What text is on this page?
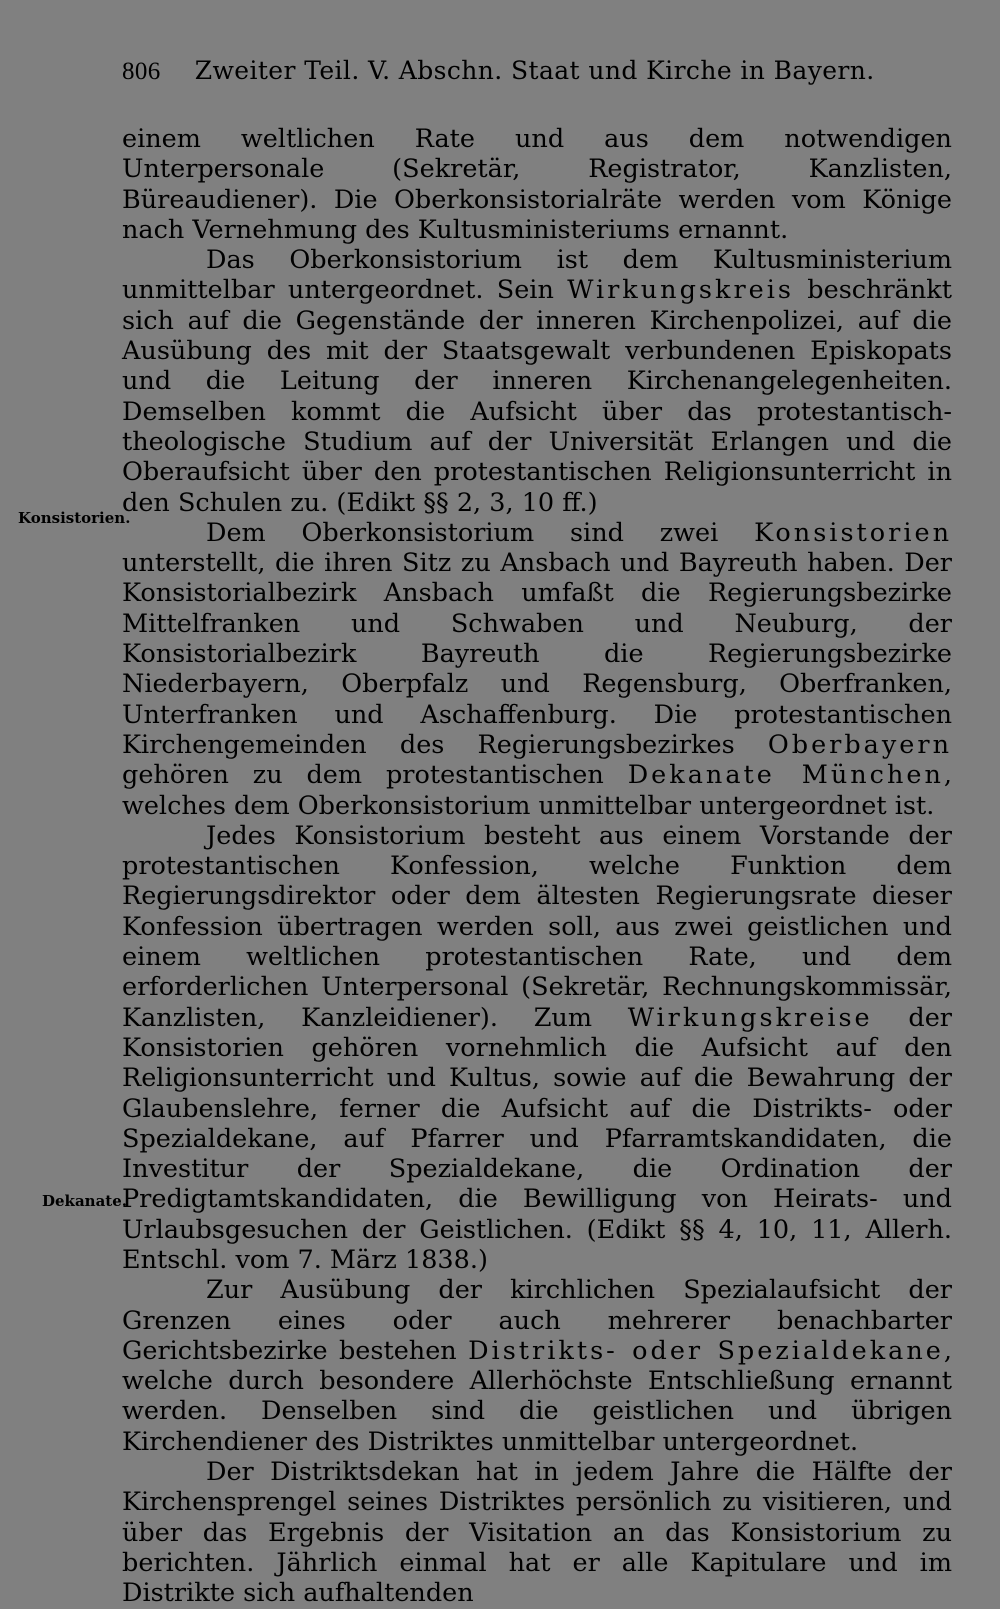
806 Zweiter Teil. V. Abschn. Staat und Kirche in Bayern.
Konsistorien.
Dekanate.

einem weltlichen Rate und aus dem notwendigen Unterpersonale (Sekretär, Registrator, Kanzlisten, Büreaudiener). Die Oberkonsistorialräte werden vom Könige nach Vernehmung des Kultusministeriums ernannt.

Das Oberkonsistorium ist dem Kultusministerium unmittelbar untergeordnet. Sein Wirkungskreis beschränkt sich auf die Gegenstände der inneren Kirchenpolizei, auf die Ausübung des mit der Staatsgewalt verbundenen Episkopats und die Leitung der inneren Kirchenangelegenheiten. Demselben kommt die Aufsicht über das protestantisch-theologische Studium auf der Universität Erlangen und die Oberaufsicht über den protestantischen Religionsunterricht in den Schulen zu. (Edikt §§ 2, 3, 10 ff.)

Dem Oberkonsistorium sind zwei Konsistorien unterstellt, die ihren Sitz zu Ansbach und Bayreuth haben. Der Konsistorialbezirk Ansbach umfaßt die Regierungsbezirke Mittelfranken und Schwaben und Neuburg, der Konsistorialbezirk Bayreuth die Regierungsbezirke Niederbayern, Oberpfalz und Regensburg, Oberfranken, Unterfranken und Aschaffenburg. Die protestantischen Kirchengemeinden des Regierungsbezirkes Oberbayern gehören zu dem protestantischen Dekanate München, welches dem Oberkonsistorium unmittelbar untergeordnet ist.

Jedes Konsistorium besteht aus einem Vorstande der protestantischen Konfession, welche Funktion dem Regierungsdirektor oder dem ältesten Regierungsrate dieser Konfession übertragen werden soll, aus zwei geistlichen und einem weltlichen protestantischen Rate, und dem erforderlichen Unterpersonal (Sekretär, Rechnungskommissär, Kanzlisten, Kanzleidiener). Zum Wirkungskreise der Konsistorien gehören vornehmlich die Aufsicht auf den Religionsunterricht und Kultus, sowie auf die Bewahrung der Glaubenslehre, ferner die Aufsicht auf die Distrikts- oder Spezialdekane, auf Pfarrer und Pfarramtskandidaten, die Investitur der Spezialdekane, die Ordination der Predigtamtskandidaten, die Bewilligung von Heirats- und Urlaubsgesuchen der Geistlichen. (Edikt §§ 4, 10, 11, Allerh. Entschl. vom 7. März 1838.)

Zur Ausübung der kirchlichen Spezialaufsicht der Grenzen eines oder auch mehrerer benachbarter Gerichtsbezirke bestehen Distrikts- oder Spezialdekane, welche durch besondere Allerhöchste Entschließung ernannt werden. Denselben sind die geistlichen und übrigen Kirchendiener des Distriktes unmittelbar untergeordnet.

Der Distriktsdekan hat in jedem Jahre die Hälfte der Kirchensprengel seines Distriktes persönlich zu visitieren, und über das Ergebnis der Visitation an das Konsistorium zu berichten. Jährlich einmal hat er alle Kapitulare und im Distrikte sich aufhaltenden
